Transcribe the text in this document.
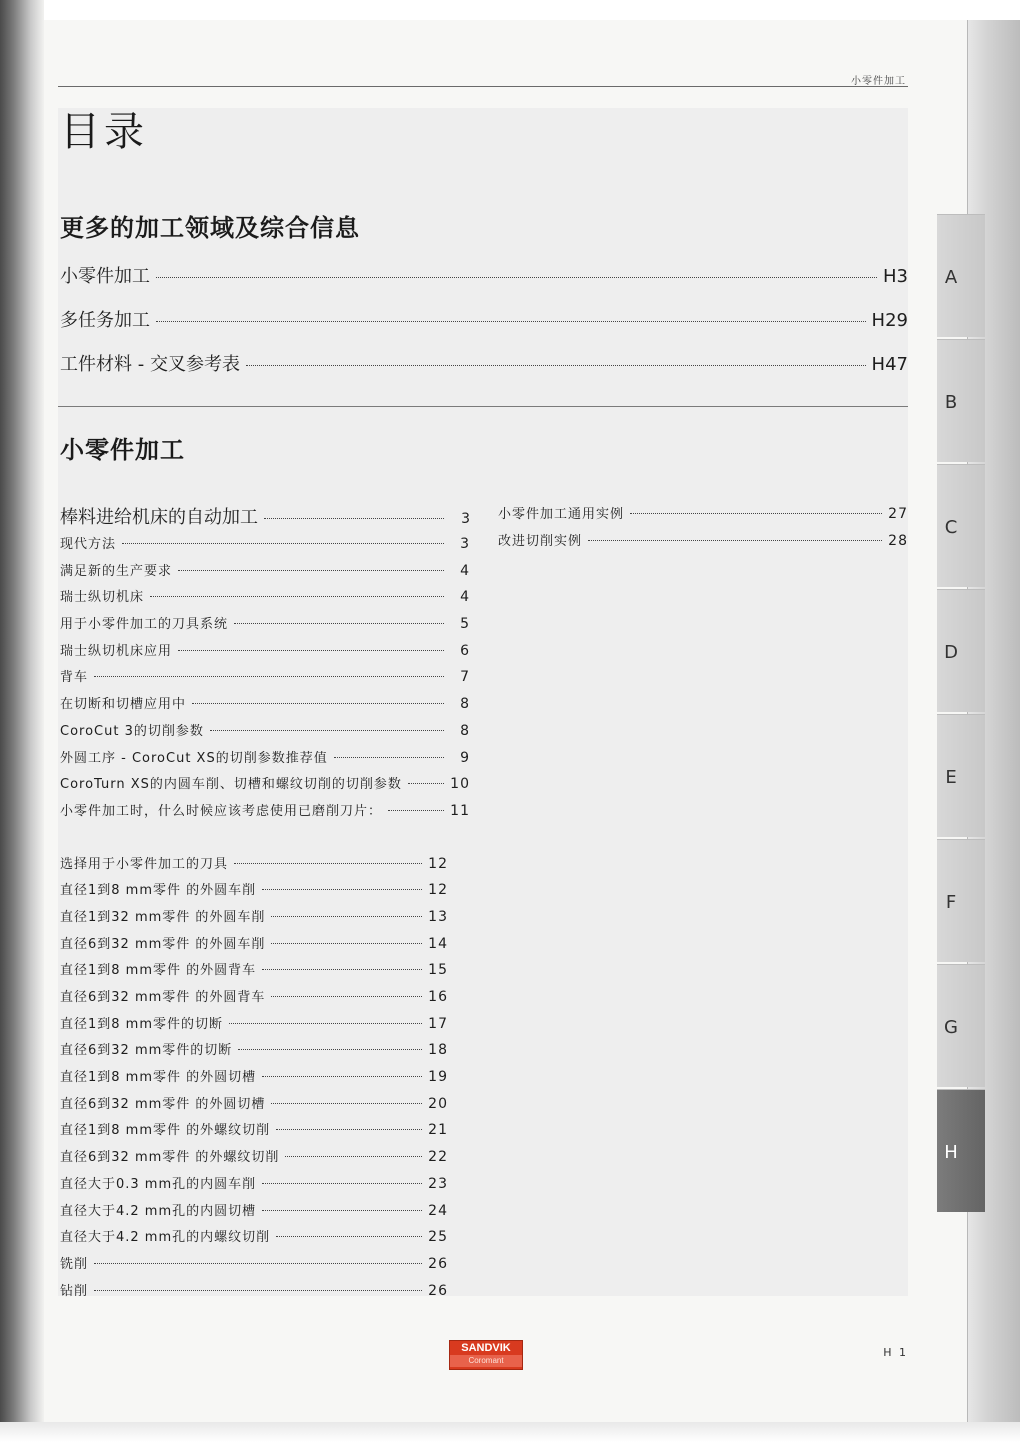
小零件加工
目录
更多的加工领域及综合信息
小零件加工	H3
多任务加工	H29
工件材料 - 交叉参考表	H47
小零件加工
棒料进给机床的自动加工	3
现代方法	3
满足新的生产要求	4
瑞士纵切机床	4
用于小零件加工的刀具系统	5
瑞士纵切机床应用	6
背车	7
在切断和切槽应用中	8
CoroCut 3的切削参数	8
外圆工序 - CoroCut XS的切削参数推荐值	9
CoroTurn XS的内圆车削、切槽和螺纹切削的切削参数	10
小零件加工时，什么时候应该考虑使用已磨削刀片：	11
选择用于小零件加工的刀具	12
直径1到8 mm零件 的外圆车削	12
直径1到32 mm零件 的外圆车削	13
直径6到32 mm零件 的外圆车削	14
直径1到8 mm零件 的外圆背车	15
直径6到32 mm零件 的外圆背车	16
直径1到8 mm零件的切断	17
直径6到32 mm零件的切断	18
直径1到8 mm零件 的外圆切槽	19
直径6到32 mm零件 的外圆切槽	20
直径1到8 mm零件 的外螺纹切削	21
直径6到32 mm零件 的外螺纹切削	22
直径大于0.3 mm孔的内圆车削	23
直径大于4.2 mm孔的内圆切槽	24
直径大于4.2 mm孔的内螺纹切削	25
铣削	26
钻削	26
小零件加工通用实例	27
改进切削实例	28
A
B
C
D
E
F
G
H
SANDVIK
Coromant
H 1
